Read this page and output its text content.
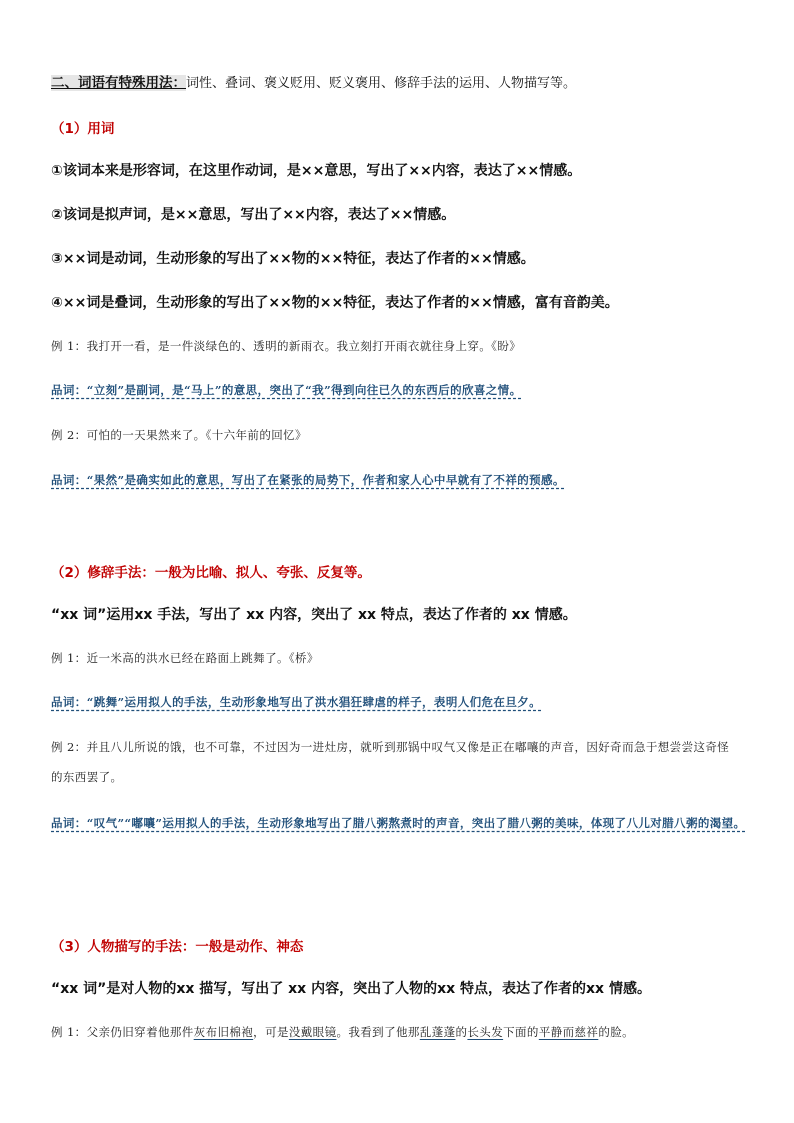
二、词语有特殊用法：词性、叠词、褒义贬用、贬义褒用、修辞手法的运用、人物描写等。
（1）用词
①该词本来是形容词，在这里作动词，是××意思，写出了××内容，表达了××情感。
②该词是拟声词，是××意思，写出了××内容，表达了××情感。
③××词是动词，生动形象的写出了××物的××特征，表达了作者的××情感。
④××词是叠词，生动形象的写出了××物的××特征，表达了作者的××情感，富有音韵美。
例 1：我打开一看，是一件淡绿色的、透明的新雨衣。我立刻打开雨衣就往身上穿。《盼》
品词：“立刻”是副词，是“马上”的意思，突出了“我”得到向往已久的东西后的欣喜之情。
例 2：可怕的一天果然来了。《十六年前的回忆》
品词：“果然”是确实如此的意思，写出了在紧张的局势下，作者和家人心中早就有了不祥的预感。
（2）修辞手法：一般为比喻、拟人、夸张、反复等。
“xx 词”运用xx 手法，写出了 xx 内容，突出了 xx 特点，表达了作者的 xx 情感。
例 1：近一米高的洪水已经在路面上跳舞了。《桥》
品词：“跳舞”运用拟人的手法，生动形象地写出了洪水猖狂肆虐的样子，表明人们危在旦夕。
例 2：并且八儿所说的饿，也不可靠，不过因为一进灶房，就听到那锅中叹气又像是正在嘟嚷的声音，因好奇而急于想尝尝这奇怪的东西罢了。
品词：“叹气”“嘟嚷”运用拟人的手法，生动形象地写出了腊八粥熬煮时的声音，突出了腊八粥的美味，体现了八儿对腊八粥的渴望。
（3）人物描写的手法：一般是动作、神态
“xx 词”是对人物的xx 描写，写出了 xx 内容，突出了人物的xx 特点，表达了作者的xx 情感。
例 1：父亲仍旧穿着他那件灰布旧棉袍，可是没戴眼镜。我看到了他那乱蓬蓬的长头发下面的平静而慈祥的脸。
